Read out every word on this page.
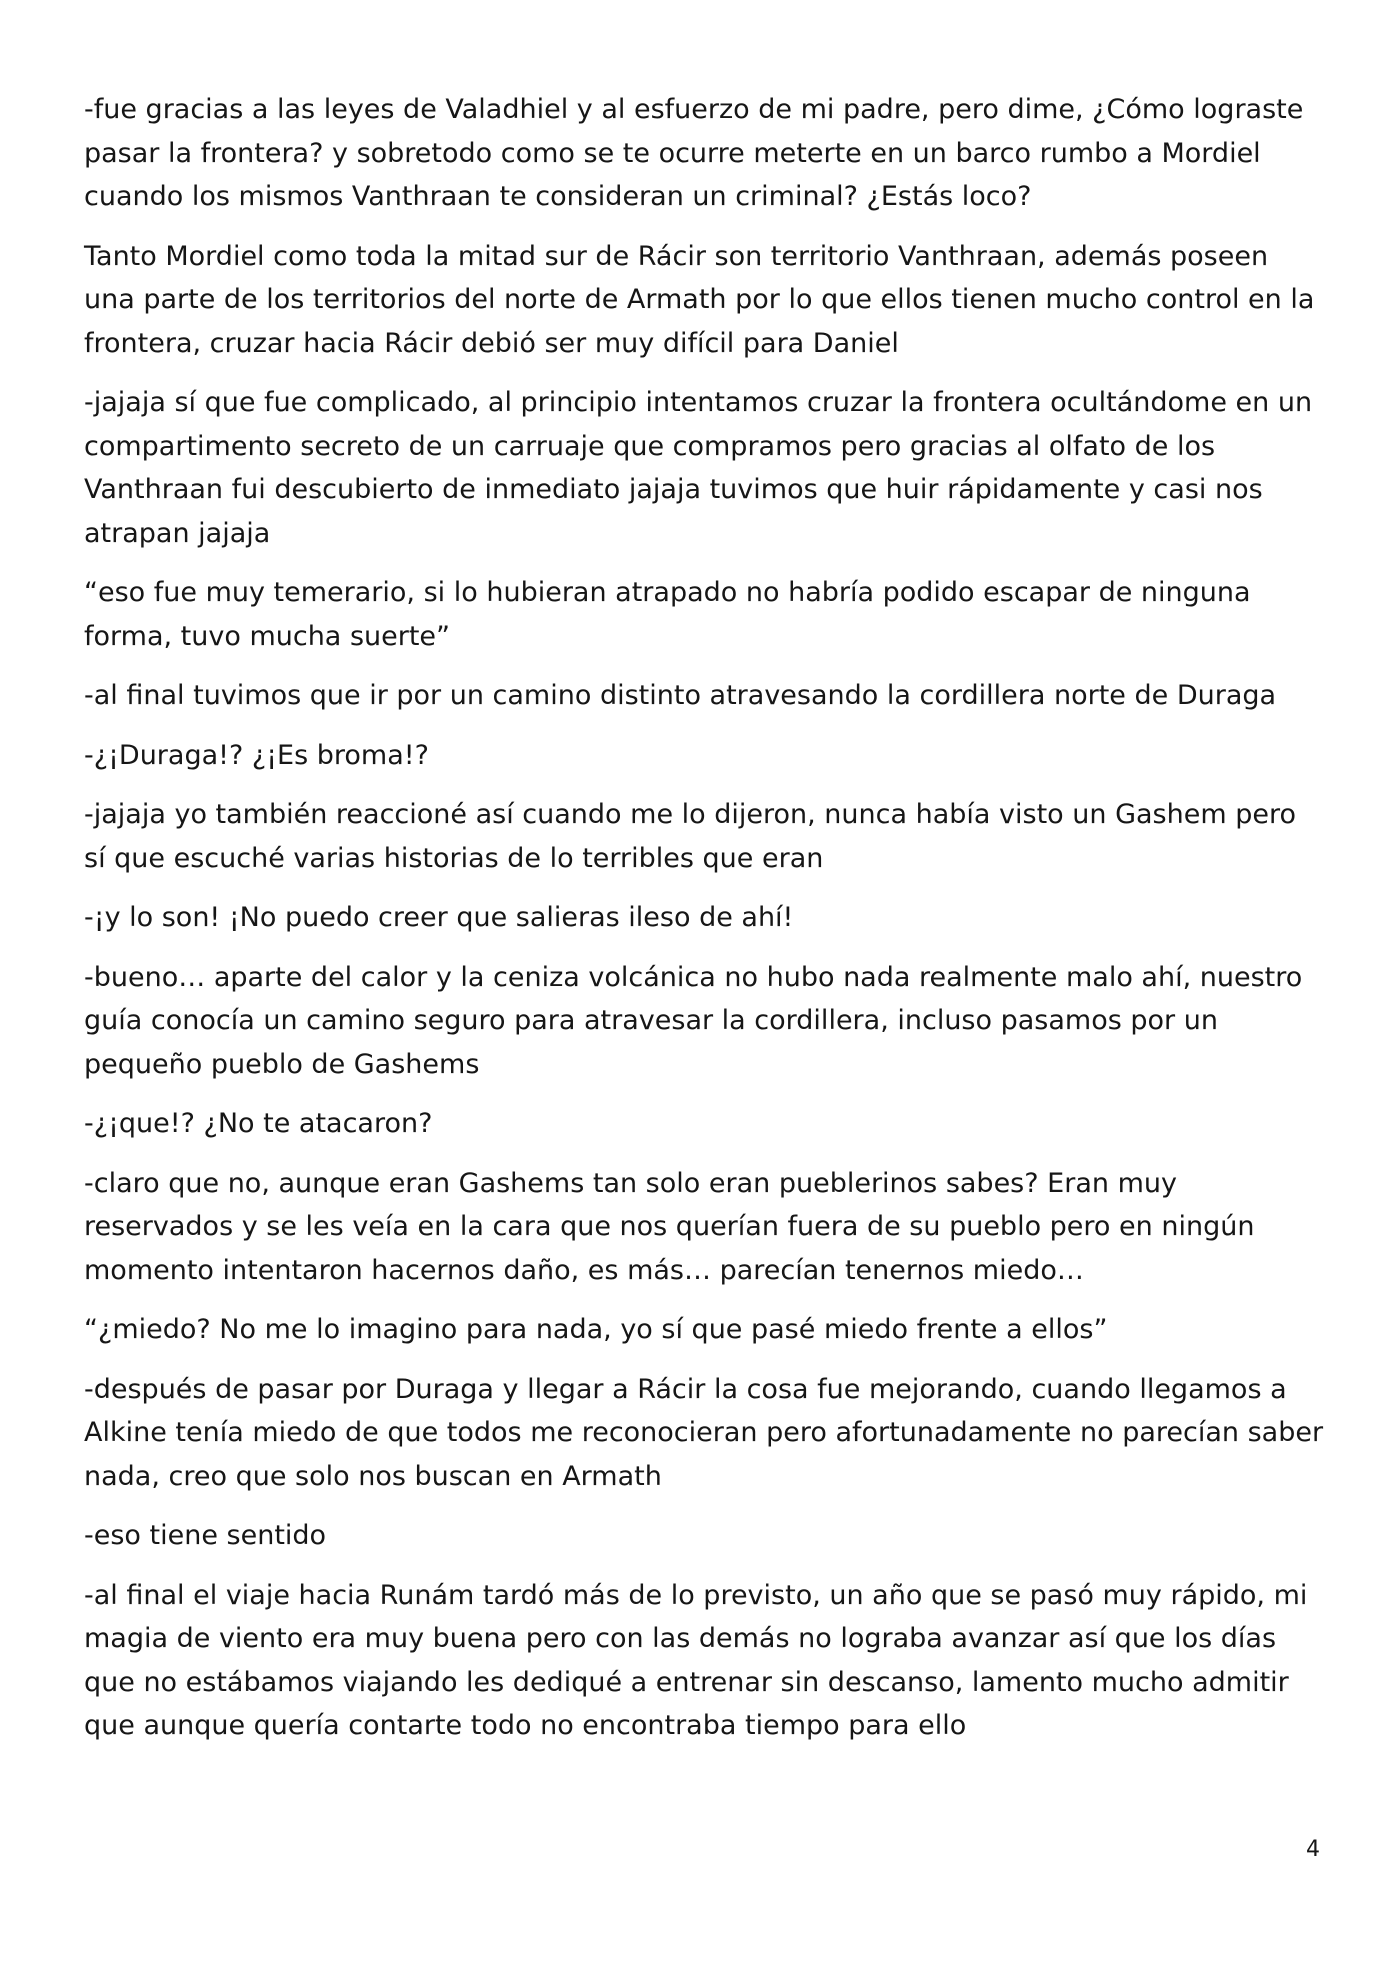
-fue gracias a las leyes de Valadhiel y al esfuerzo de mi padre, pero dime, ¿Cómo lograste pasar la frontera? y sobretodo como se te ocurre meterte en un barco rumbo a Mordiel cuando los mismos Vanthraan te consideran un criminal? ¿Estás loco?

Tanto Mordiel como toda la mitad sur de Rácir son territorio Vanthraan, además poseen una parte de los territorios del norte de Armath por lo que ellos tienen mucho control en la frontera, cruzar hacia Rácir debió ser muy difícil para Daniel

-jajaja sí que fue complicado, al principio intentamos cruzar la frontera ocultándome en un compartimento secreto de un carruaje que compramos pero gracias al olfato de los Vanthraan fui descubierto de inmediato jajaja tuvimos que huir rápidamente y casi nos atrapan jajaja

“eso fue muy temerario, si lo hubieran atrapado no habría podido escapar de ninguna forma, tuvo mucha suerte”

-al final tuvimos que ir por un camino distinto atravesando la cordillera norte de Duraga

-¿¡Duraga!? ¿¡Es broma!?

-jajaja yo también reaccioné así cuando me lo dijeron, nunca había visto un Gashem pero sí que escuché varias historias de lo terribles que eran

-¡y lo son! ¡No puedo creer que salieras ileso de ahí!

-bueno… aparte del calor y la ceniza volcánica no hubo nada realmente malo ahí, nuestro guía conocía un camino seguro para atravesar la cordillera, incluso pasamos por un pequeño pueblo de Gashems

-¿¡que!? ¿No te atacaron?

-claro que no, aunque eran Gashems tan solo eran pueblerinos sabes? Eran muy reservados y se les veía en la cara que nos querían fuera de su pueblo pero en ningún momento intentaron hacernos daño, es más… parecían tenernos miedo…

“¿miedo? No me lo imagino para nada, yo sí que pasé miedo frente a ellos”

-después de pasar por Duraga y llegar a Rácir la cosa fue mejorando, cuando llegamos a Alkine tenía miedo de que todos me reconocieran pero afortunadamente no parecían saber nada, creo que solo nos buscan en Armath

-eso tiene sentido

-al final el viaje hacia Runám tardó más de lo previsto, un año que se pasó muy rápido, mi magia de viento era muy buena pero con las demás no lograba avanzar así que los días que no estábamos viajando les dediqué a entrenar sin descanso, lamento mucho admitir que aunque quería contarte todo no encontraba tiempo para ello

4
